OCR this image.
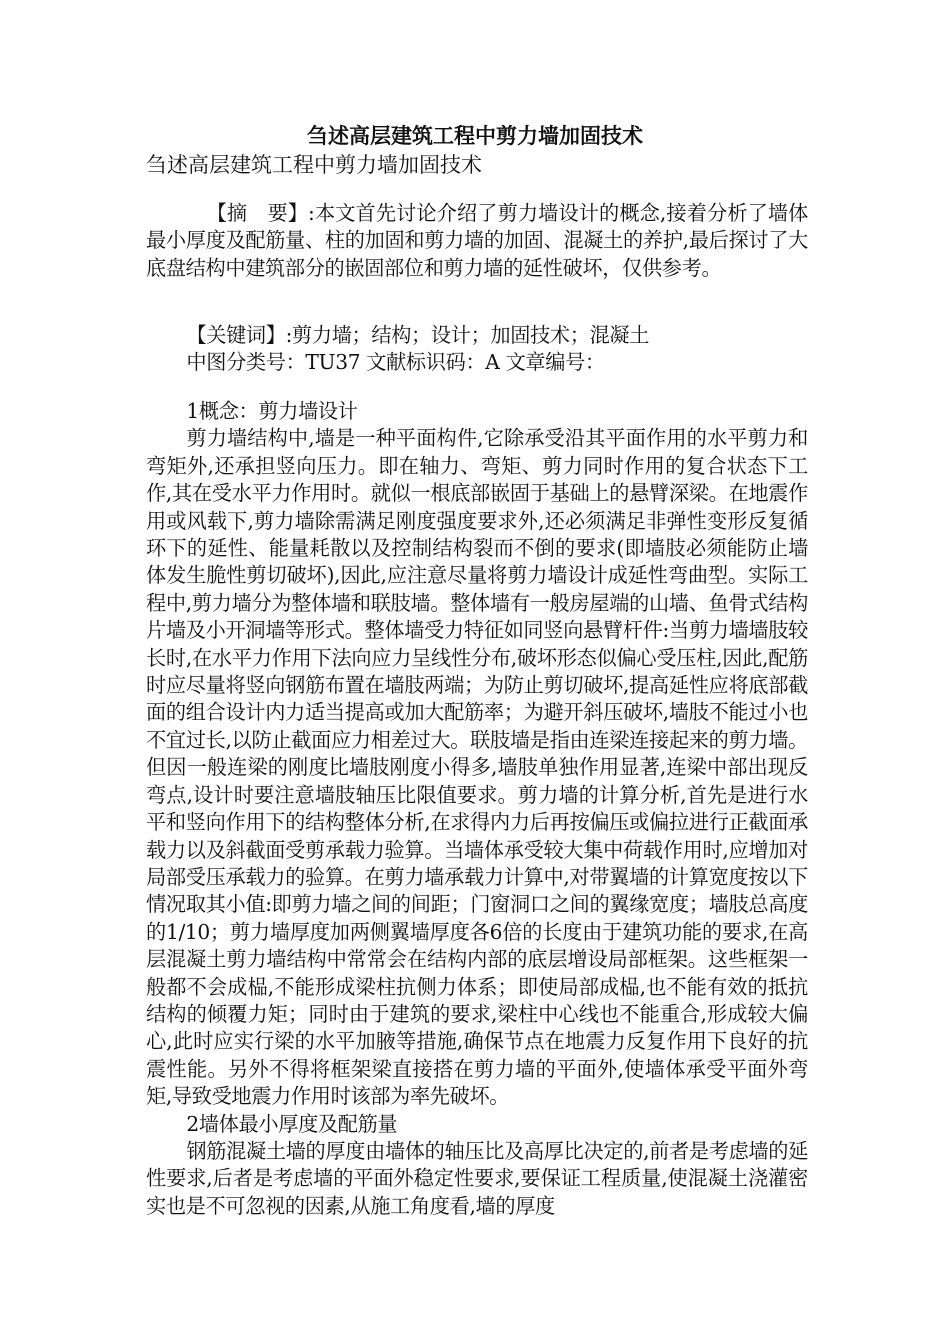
刍述高层建筑工程中剪力墙加固技术
刍述高层建筑工程中剪力墙加固技术

【摘　要】:本文首先讨论介绍了剪力墙设计的概念,接着分析了墙体最小厚度及配筋量、柱的加固和剪力墙的加固、混凝土的养护,最后探讨了大底盘结构中建筑部分的嵌固部位和剪力墙的延性破坏，仅供参考。

【关键词】:剪力墙；结构；设计；加固技术；混凝土

中图分类号：TU37 文献标识码：A 文章编号：

1概念：剪力墙设计

剪力墙结构中,墙是一种平面构件,它除承受沿其平面作用的水平剪力和弯矩外,还承担竖向压力。即在轴力、弯矩、剪力同时作用的复合状态下工作,其在受水平力作用时。就似一根底部嵌固于基础上的悬臂深梁。在地震作用或风载下,剪力墙除需满足刚度强度要求外,还必须满足非弹性变形反复循环下的延性、能量耗散以及控制结构裂而不倒的要求(即墙肢必须能防止墙体发生脆性剪切破坏),因此,应注意尽量将剪力墙设计成延性弯曲型。实际工程中,剪力墙分为整体墙和联肢墙。整体墙有一般房屋端的山墙、鱼骨式结构片墙及小开洞墙等形式。整体墙受力特征如同竖向悬臂杆件:当剪力墙墙肢较长时,在水平力作用下法向应力呈线性分布,破坏形态似偏心受压柱,因此,配筋时应尽量将竖向钢筋布置在墙肢两端；为防止剪切破坏,提高延性应将底部截面的组合设计内力适当提高或加大配筋率；为避开斜压破坏,墙肢不能过小也不宜过长,以防止截面应力相差过大。联肢墙是指由连梁连接起来的剪力墙。但因一般连梁的刚度比墙肢刚度小得多,墙肢单独作用显著,连梁中部出现反弯点,设计时要注意墙肢轴压比限值要求。剪力墙的计算分析,首先是进行水平和竖向作用下的结构整体分析,在求得内力后再按偏压或偏拉进行正截面承载力以及斜截面受剪承载力验算。当墙体承受较大集中荷载作用时,应增加对局部受压承载力的验算。在剪力墙承载力计算中,对带翼墙的计算宽度按以下情况取其小值:即剪力墙之间的间距；门窗洞口之间的翼缘宽度；墙肢总高度的1/10；剪力墙厚度加两侧翼墙厚度各6倍的长度由于建筑功能的要求,在高层混凝土剪力墙结构中常常会在结构内部的底层增设局部框架。这些框架一般都不会成榀,不能形成梁柱抗侧力体系；即使局部成榀,也不能有效的抵抗结构的倾覆力矩；同时由于建筑的要求,梁柱中心线也不能重合,形成较大偏心,此时应实行梁的水平加腋等措施,确保节点在地震力反复作用下良好的抗震性能。另外不得将框架梁直接搭在剪力墙的平面外,使墙体承受平面外弯矩,导致受地震力作用时该部为率先破坏。

2墙体最小厚度及配筋量

钢筋混凝土墙的厚度由墙体的轴压比及高厚比决定的,前者是考虑墙的延性要求,后者是考虑墙的平面外稳定性要求,要保证工程质量,使混凝土浇灌密实也是不可忽视的因素,从施工角度看,墙的厚度
